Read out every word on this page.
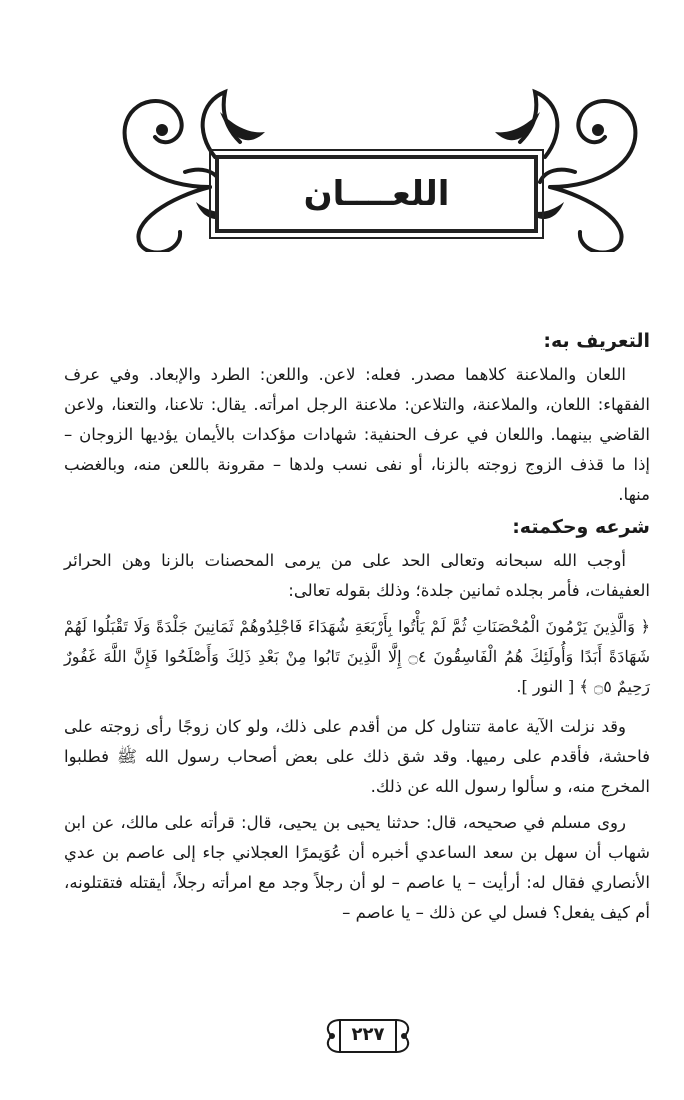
اللعــــان
التعريف به:

اللعان والملاعنة كلاهما مصدر. فعله: لاعن. واللعن: الطرد والإبعاد. وفي عرف الفقهاء: اللعان، والملاعنة، والتلاعن: ملاعنة الرجل امرأته. يقال: تلاعنا، والتعنا، ولاعن القاضي بينهما. واللعان في عرف الحنفية: شهادات مؤكدات بالأيمان يؤديها الزوجان – إذا ما قذف الزوج زوجته بالزنا، أو نفى نسب ولدها – مقرونة باللعن منه، وبالغضب منها.

شرعه وحكمته:

أوجب الله سبحانه وتعالى الحد على من يرمى المحصنات بالزنا وهن الحرائر العفيفات، فأمر بجلده ثمانين جلدة؛ وذلك بقوله تعالى:

﴿ وَالَّذِينَ يَرْمُونَ الْمُحْصَنَاتِ ثُمَّ لَمْ يَأْتُوا بِأَرْبَعَةِ شُهَدَاءَ فَاجْلِدُوهُمْ ثَمَانِينَ جَلْدَةً وَلَا تَقْبَلُوا لَهُمْ شَهَادَةً أَبَدًا وَأُولَئِكَ هُمُ الْفَاسِقُونَ ۝٤ إِلَّا الَّذِينَ تَابُوا مِنْ بَعْدِ ذَلِكَ وَأَصْلَحُوا فَإِنَّ اللَّهَ غَفُورٌ رَحِيمٌ ۝٥ ﴾ [ النور ].

وقد نزلت الآية عامة تتناول كل من أقدم على ذلك، ولو كان زوجًا رأى زوجته على فاحشة، فأقدم على رميها. وقد شق ذلك على بعض أصحاب رسول الله ﷺ فطلبوا المخرج منه، و سألوا رسول الله عن ذلك.

روى مسلم في صحيحه، قال: حدثنا يحيى بن يحيى، قال: قرأته على مالك، عن ابن شهاب أن سهل بن سعد الساعدي أخبره أن عُوَيمرًا العجلاني جاء إلى عاصم بن عدي الأنصاري فقال له: أرأيت – يا عاصم – لو أن رجلاً وجد مع امرأته رجلاً، أيقتله فتقتلونه، أم كيف يفعل؟ فسل لي عن ذلك – يا عاصم –

٢٢٧
